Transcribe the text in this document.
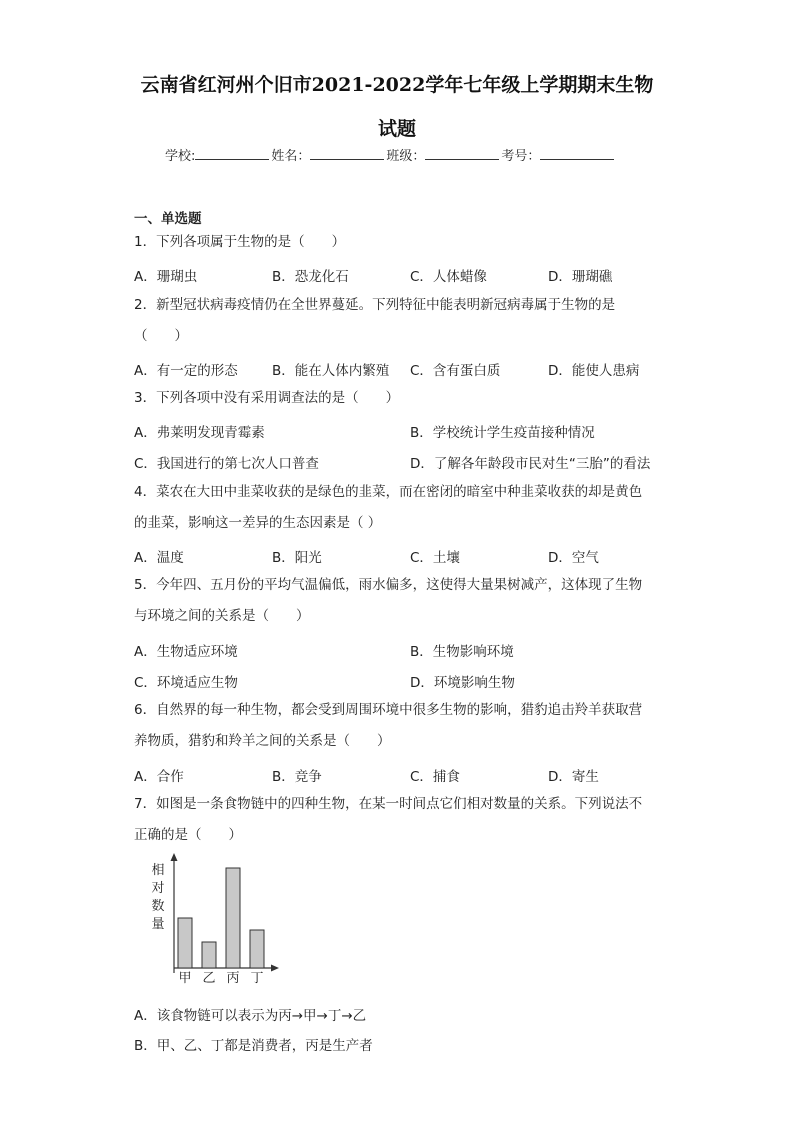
云南省红河州个旧市2021-2022学年七年级上学期期末生物
试题
学校:	姓名：	班级：	考号：
一、单选题
1．下列各项属于生物的是（　　）
A．珊瑚虫	B．恐龙化石	C．人体蜡像	D．珊瑚礁
2．新型冠状病毒疫情仍在全世界蔓延。下列特征中能表明新冠病毒属于生物的是
（　　）
A．有一定的形态	B．能在人体内繁殖 C．含有蛋白质	D．能使人患病
3．下列各项中没有采用调查法的是（　　）
A．弗莱明发现青霉素	B．学校统计学生疫苗接种情况
C．我国进行的第七次人口普查	D．了解各年龄段市民对生“三胎”的看法
4．菜农在大田中韭菜收获的是绿色的韭菜，而在密闭的暗室中种韭菜收获的却是黄色
的韭菜，影响这一差异的生态因素是（ ）
A．温度	B．阳光	C．土壤	D．空气
5．今年四、五月份的平均气温偏低，雨水偏多，这使得大量果树减产，这体现了生物
与环境之间的关系是（　　）
A．生物适应环境	B．生物影响环境
C．环境适应生物	D．环境影响生物
6．自然界的每一种生物，都会受到周围环境中很多生物的影响，猎豹追击羚羊获取营
养物质，猎豹和羚羊之间的关系是（　　）
A．合作	B．竞争	C．捕食	D．寄生
7．如图是一条食物链中的四种生物，在某一时间点它们相对数量的关系。下列说法不
正确的是（　　）
相
对
数
量
甲 乙 丙 丁
A．该食物链可以表示为丙→甲→丁→乙
B．甲、乙、丁都是消费者，丙是生产者
